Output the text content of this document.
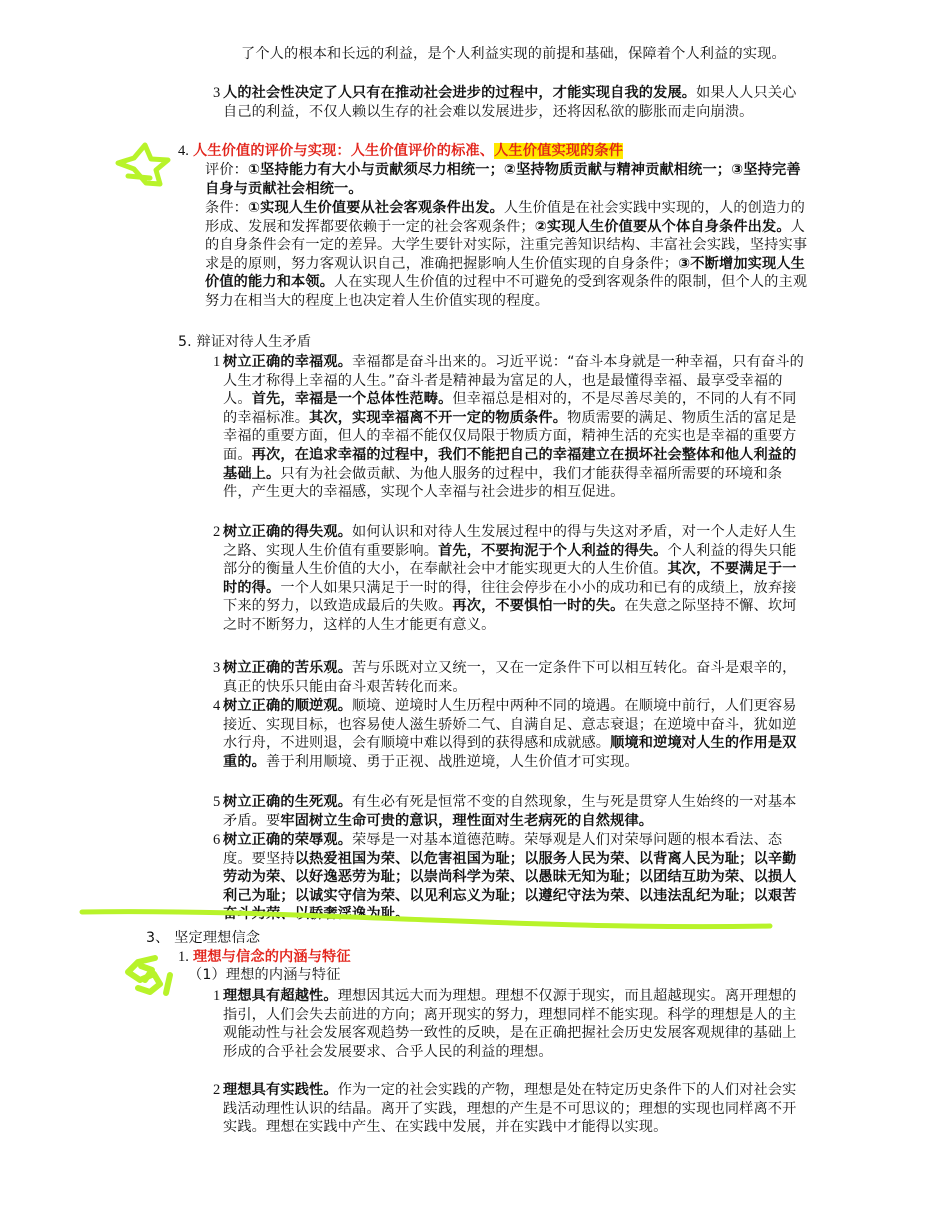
了个人的根本和长远的利益，是个人利益实现的前提和基础，保障着个人利益的实现。
3 人的社会性决定了人只有在推动社会进步的过程中，才能实现自我的发展。如果人人只关心自己的利益，不仅人赖以生存的社会难以发展进步，还将因私欲的膨胀而走向崩溃。
4. 人生价值的评价与实现：人生价值评价的标准、人生价值实现的条件
评价：①坚持能力有大小与贡献须尽力相统一；②坚持物质贡献与精神贡献相统一；③坚持完善自身与贡献社会相统一。
条件：①实现人生价值要从社会客观条件出发。人生价值是在社会实践中实现的，人的创造力的形成、发展和发挥都要依赖于一定的社会客观条件；②实现人生价值要从个体自身条件出发。人的自身条件会有一定的差异。大学生要针对实际，注重完善知识结构、丰富社会实践，坚持实事求是的原则，努力客观认识自己，准确把握影响人生价值实现的自身条件；③不断增加实现人生价值的能力和本领。人在实现人生价值的过程中不可避免的受到客观条件的限制，但个人的主观努力在相当大的程度上也决定着人生价值实现的程度。
5. 辩证对待人生矛盾
1 树立正确的幸福观。幸福都是奋斗出来的。习近平说：“奋斗本身就是一种幸福，只有奋斗的人生才称得上幸福的人生。”奋斗者是精神最为富足的人，也是最懂得幸福、最享受幸福的人。首先，幸福是一个总体性范畴。但幸福总是相对的，不是尽善尽美的，不同的人有不同的幸福标准。其次，实现幸福离不开一定的物质条件。物质需要的满足、物质生活的富足是幸福的重要方面，但人的幸福不能仅仅局限于物质方面，精神生活的充实也是幸福的重要方面。再次，在追求幸福的过程中，我们不能把自己的幸福建立在损坏社会整体和他人利益的基础上。只有为社会做贡献、为他人服务的过程中，我们才能获得幸福所需要的环境和条件，产生更大的幸福感，实现个人幸福与社会进步的相互促进。
2 树立正确的得失观。如何认识和对待人生发展过程中的得与失这对矛盾，对一个人走好人生之路、实现人生价值有重要影响。首先，不要拘泥于个人利益的得失。个人利益的得失只能部分的衡量人生价值的大小，在奉献社会中才能实现更大的人生价值。其次，不要满足于一时的得。一个人如果只满足于一时的得，往往会停步在小小的成功和已有的成绩上，放弃接下来的努力，以致造成最后的失败。再次，不要惧怕一时的失。在失意之际坚持不懈、坎坷之时不断努力，这样的人生才能更有意义。
3 树立正确的苦乐观。苦与乐既对立又统一，又在一定条件下可以相互转化。奋斗是艰辛的，真正的快乐只能由奋斗艰苦转化而来。
4 树立正确的顺逆观。顺境、逆境时人生历程中两种不同的境遇。在顺境中前行，人们更容易接近、实现目标，也容易使人滋生骄娇二气、自满自足、意志衰退；在逆境中奋斗，犹如逆水行舟，不进则退，会有顺境中难以得到的获得感和成就感。顺境和逆境对人生的作用是双重的。善于利用顺境、勇于正视、战胜逆境，人生价值才可实现。
5 树立正确的生死观。有生必有死是恒常不变的自然现象，生与死是贯穿人生始终的一对基本矛盾。要牢固树立生命可贵的意识，理性面对生老病死的自然规律。
6 树立正确的荣辱观。荣辱是一对基本道德范畴。荣辱观是人们对荣辱问题的根本看法、态度。要坚持以热爱祖国为荣、以危害祖国为耻；以服务人民为荣、以背离人民为耻；以辛勤劳动为荣、以好逸恶劳为耻；以崇尚科学为荣、以愚昧无知为耻；以团结互助为荣、以损人利己为耻；以诚实守信为荣、以见利忘义为耻；以遵纪守法为荣、以违法乱纪为耻；以艰苦奋斗为荣、以骄奢淫逸为耻。
3、 坚定理想信念
1. 理想与信念的内涵与特征
（1）理想的内涵与特征
1 理想具有超越性。理想因其远大而为理想。理想不仅源于现实，而且超越现实。离开理想的指引，人们会失去前进的方向；离开现实的努力，理想同样不能实现。科学的理想是人的主观能动性与社会发展客观趋势一致性的反映，是在正确把握社会历史发展客观规律的基础上形成的合乎社会发展要求、合乎人民的利益的理想。
2 理想具有实践性。作为一定的社会实践的产物，理想是处在特定历史条件下的人们对社会实践活动理性认识的结晶。离开了实践，理想的产生是不可思议的；理想的实现也同样离不开实践。理想在实践中产生、在实践中发展，并在实践中才能得以实现。
